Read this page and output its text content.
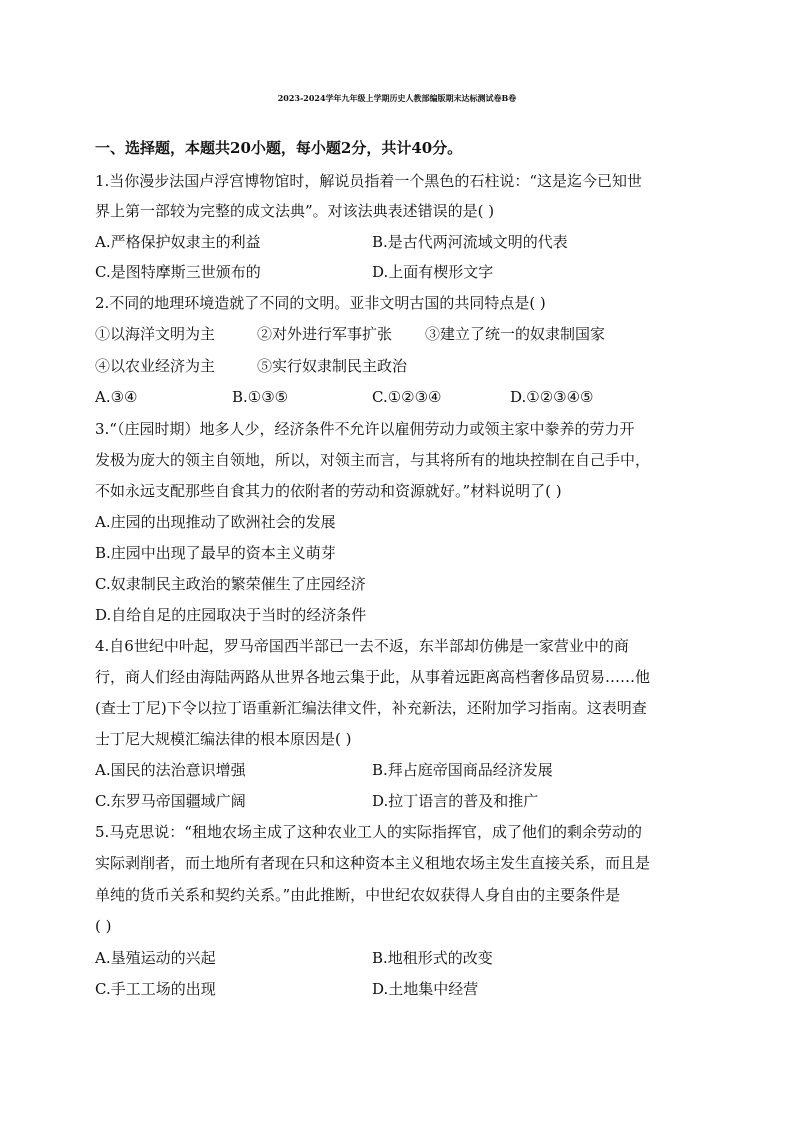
2023-2024学年九年级上学期历史人教部编版期末达标测试卷B卷
一、选择题，本题共20小题，每小题2分，共计40分。
1.当你漫步法国卢浮宫博物馆时，解说员指着一个黑色的石柱说：“这是迄今已知世
界上第一部较为完整的成文法典”。对该法典表述错误的是( )
A.严格保护奴隶主的利益	B.是古代两河流域文明的代表
C.是图特摩斯三世颁布的	D.上面有楔形文字
2.不同的地理环境造就了不同的文明。亚非文明古国的共同特点是( )
①以海洋文明为主	②对外进行军事扩张 ③建立了统一的奴隶制国家
④以农业经济为主	⑤实行奴隶制民主政治
A.③④	B.①③⑤	C.①②③④	D.①②③④⑤
3.“（庄园时期）地多人少，经济条件不允许以雇佣劳动力或领主家中豢养的劳力开
发极为庞大的领主自领地，所以，对领主而言，与其将所有的地块控制在自己手中，
不如永远支配那些自食其力的依附者的劳动和资源就好。”材料说明了( )
A.庄园的出现推动了欧洲社会的发展
B.庄园中出现了最早的资本主义萌芽
C.奴隶制民主政治的繁荣催生了庄园经济
D.自给自足的庄园取决于当时的经济条件
4.自6世纪中叶起，罗马帝国西半部已一去不返，东半部却仿佛是一家营业中的商
行，商人们经由海陆两路从世界各地云集于此，从事着远距离高档奢侈品贸易……他
(查士丁尼)下令以拉丁语重新汇编法律文件，补充新法，还附加学习指南。这表明查
士丁尼大规模汇编法律的根本原因是( )
A.国民的法治意识增强	B.拜占庭帝国商品经济发展
C.东罗马帝国疆域广阔	D.拉丁语言的普及和推广
5.马克思说：“租地农场主成了这种农业工人的实际指挥官，成了他们的剩余劳动的
实际剥削者，而土地所有者现在只和这种资本主义租地农场主发生直接关系，而且是
单纯的货币关系和契约关系。”由此推断，中世纪农奴获得人身自由的主要条件是
( )
A.垦殖运动的兴起	B.地租形式的改变
C.手工工场的出现	D.土地集中经营
